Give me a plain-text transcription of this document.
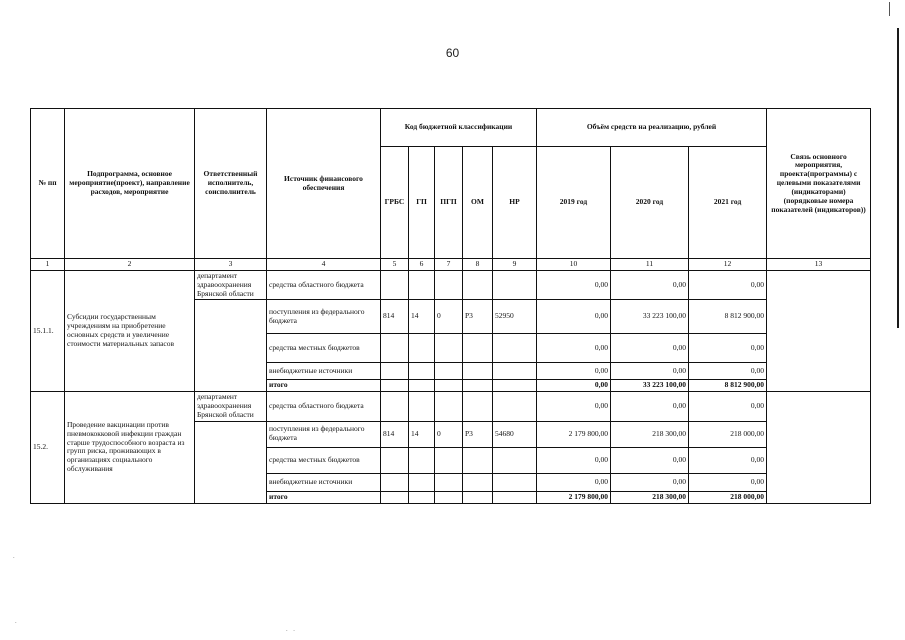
60
.
.
. .
№ пп	Подпрограмма, основное мероприятие(проект), направление расходов, мероприятие	Ответственный исполнитель, соисполнитель	Источник финансового обеспечения	Код бюджетной классификации					Объём средств на реализацию, рублей			Связь основного мероприятия, проекта(программы) с целевыми показателями (индикаторами) (порядковые номера показателей (индикаторов))
				ГРБС	ГП	ПГП	ОМ	НР	2019 год	2020 год	2021 год	
1	2	3	4	5	6	7	8	9	10	11	12	13
15.1.1.	Субсидии государственным учреждениям на приобретение основных средств и увеличение стоимости материальных запасов	департамент здравоохранения Брянской области	средства областного бюджета						0,00	0,00	0,00	
			поступления из федерального бюджета	814	14	0	P3	52950	0,00	33 223 100,00	8 812 900,00	
			средства местных бюджетов						0,00	0,00	0,00	
			внебюджетные источники						0,00	0,00	0,00	
			итого						0,00	33 223 100,00	8 812 900,00	
15.2.	Проведение вакцинации против пневмококковой инфекции граждан старше трудоспособного возраста из групп риска, проживающих в организациях социального обслуживания	департамент здравоохранения Брянской области	средства областного бюджета						0,00	0,00	0,00	
			поступления из федерального бюджета	814	14	0	P3	54680	2 179 800,00	218 300,00	218 000,00	
			средства местных бюджетов						0,00	0,00	0,00	
			внебюджетные источники						0,00	0,00	0,00	
			итого						2 179 800,00	218 300,00	218 000,00	
